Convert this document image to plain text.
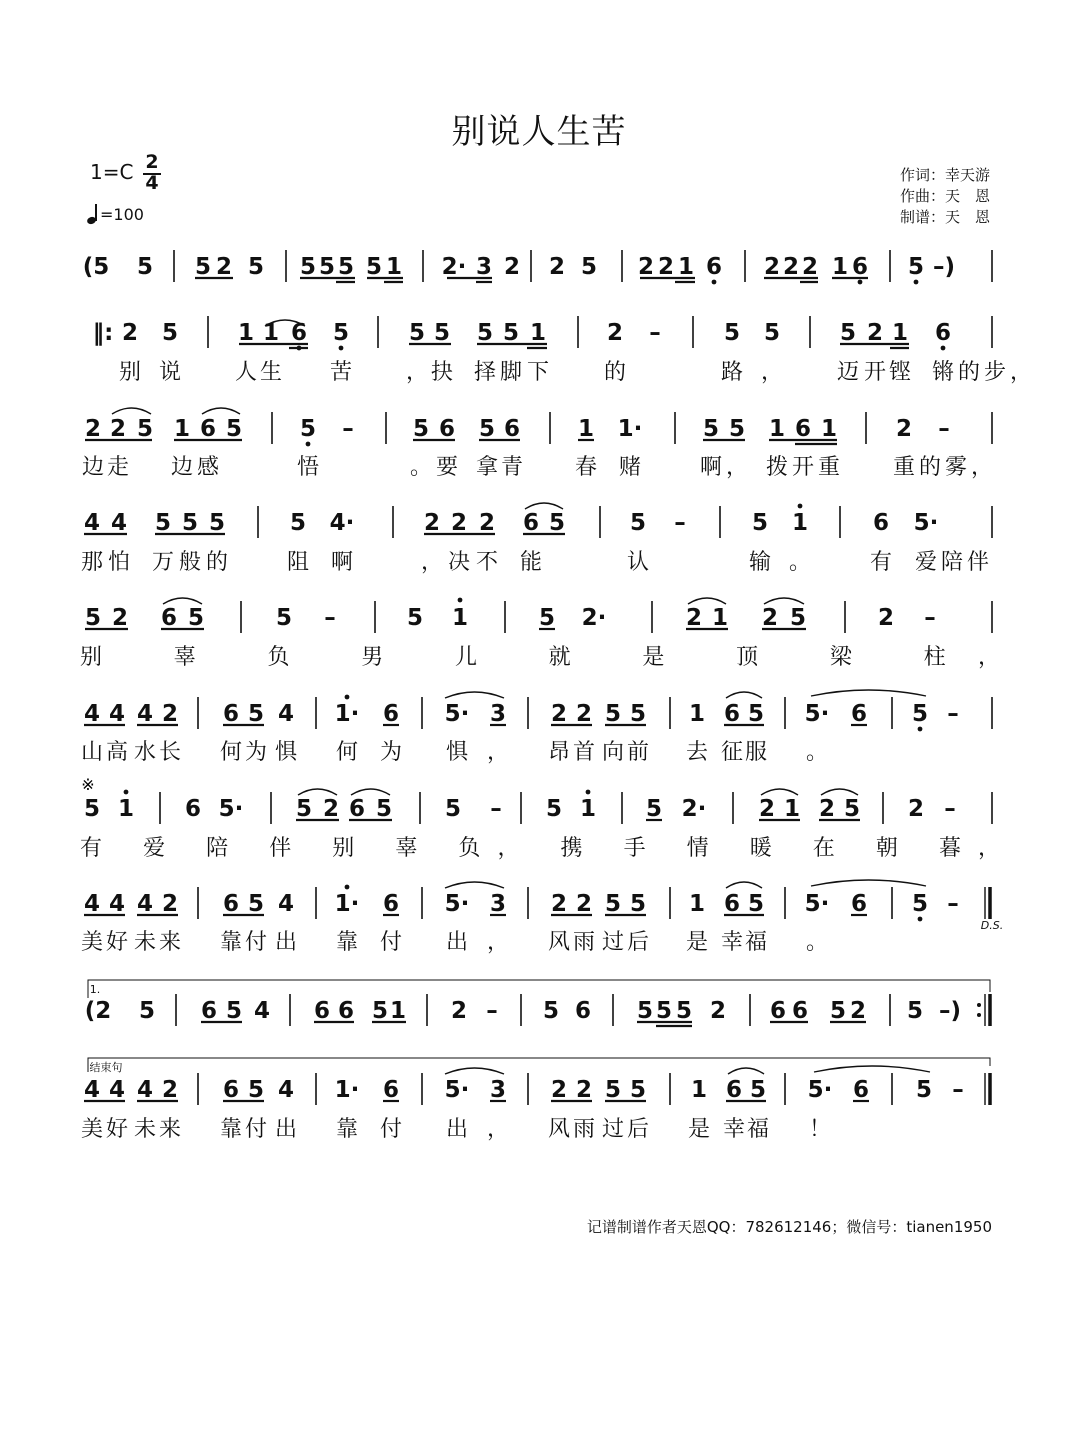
别说人生苦
1=C 2
4
=100
作词：幸天游
作曲：天　恩
制谱：天　恩
(5 5 5 2 5 5 5 5 5 1 2· 3 2 2 5 2 2 1 6 2 2 2 1 6 5 –)
‖: 2 5	1 1 6 5	5 5 5 5 1	2 –	5 5	5 2 1 6
别 说 人 生 苦 ， 抉 择 脚 下 的	路 ， 迈 开 铿 锵 的 步 ，
2 2 5 1 6 5	5 –	5 6 5 6	1 1·	5 5 1 6 1	2 –
边 走 边 感	悟	。 要 拿 青 春 赌	啊 ， 拨 开 重 重 的 雾 ，
4 4 5 5 5	5 4·	2 2 2 6 5	5 –	5 1	6 5·
那 怕 万 般 的	阻 啊	， 决 不 能	认	输 。	有 爱 陪 伴
5 2 6 5	5 –	5 1	5 2·	2 1 2 5	2 –
别 辜 负 男 儿 就 是 顶 梁 柱，
4 4 4 2 6 5 4 1· 6 5· 3 2 2 5 5 1 6 5 5· 6 5 –
山 高 水 长 何 为 惧 何 为 惧 ， 昂 首 向 前 去 征 服 。
5 1 6 5· 5 2 6 5 5 – 5 1 5 2· 2 1 2 5 2 –
有 爱 陪 伴 别 辜 负， 携 手 情 暖 在 朝 暮，
4 4 4 2 6 5 4 1· 6 5· 3 2 2 5 5 1 6 5 5· 6 5 –
美 好 未 来 靠 付 出 靠 付 出 ， 风 雨 过 后 是 幸 福 。
(2 5 6 5 4 6 6 5 1 2 – 5 6 5 5 5 2 6 6 5 2 5 –)
4 4 4 2 6 5 4 1· 6 5· 3 2 2 5 5 1 6 5 5· 6 5 –
美 好 未 来 靠 付 出 靠 付 出 ， 风 雨 过 后 是 幸 福 ！
D.S.
※
1.
结束句
记谱制谱作者天恩QQ：782612146；微信号：tianen1950
